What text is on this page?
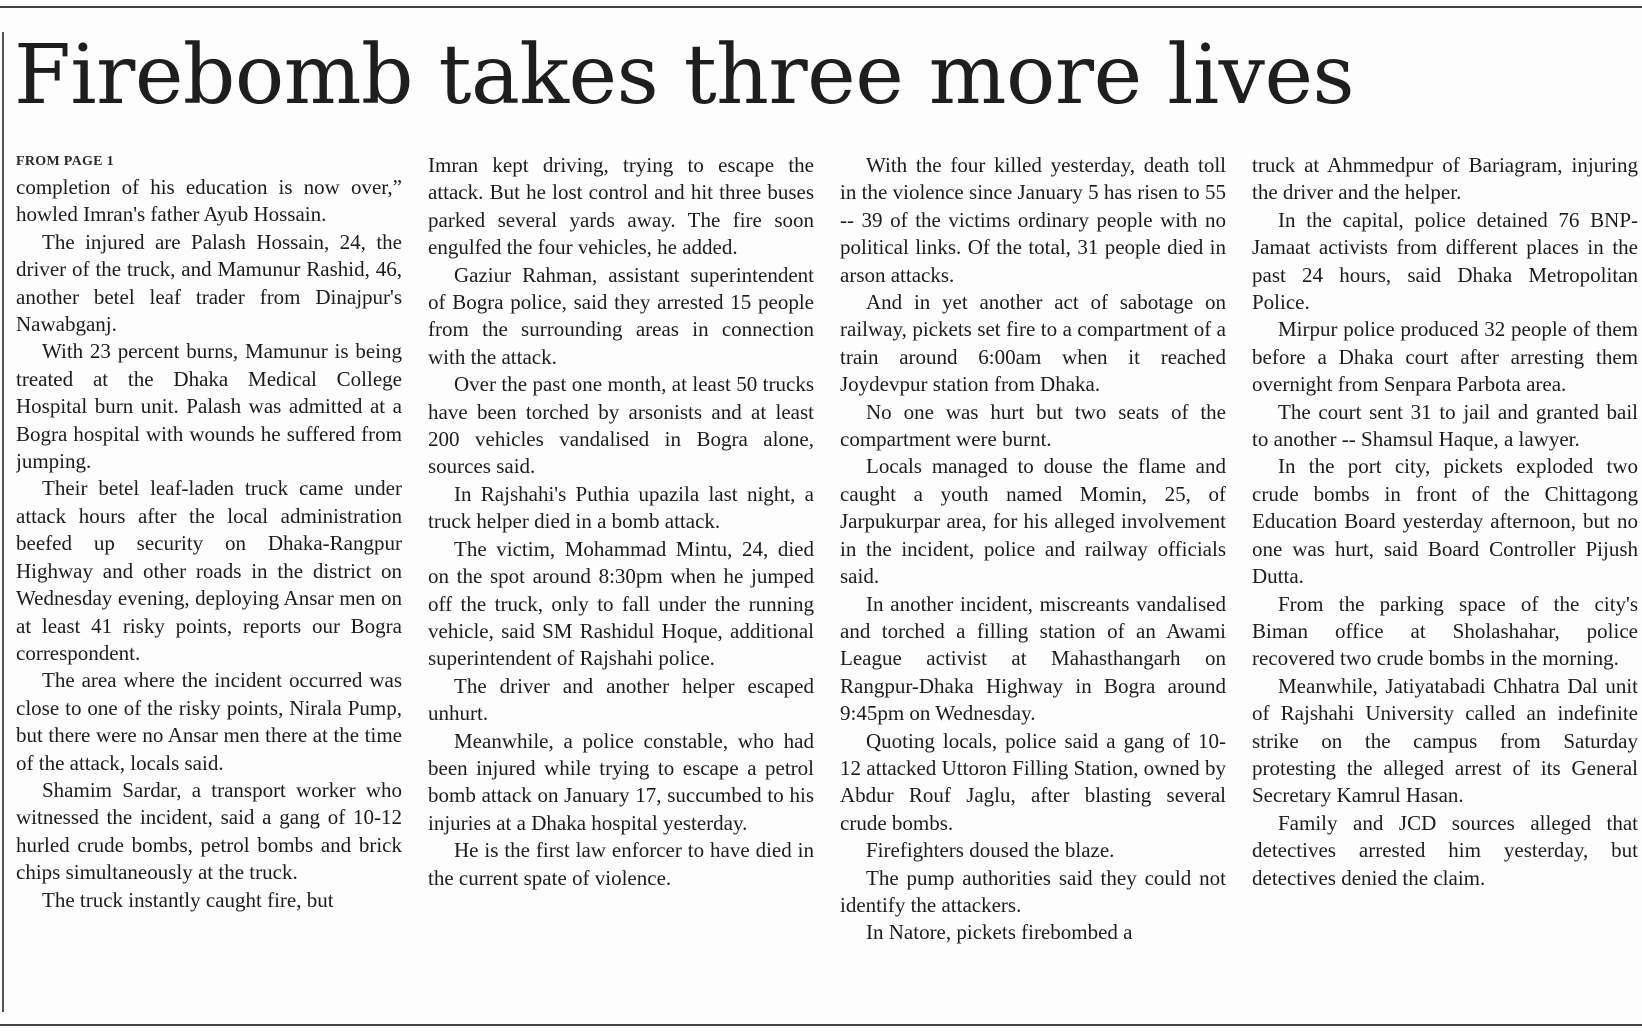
Firebomb takes three more lives
FROM PAGE 1

completion of his education is now over,” howled Imran's father Ayub Hossain.

The injured are Palash Hossain, 24, the driver of the truck, and Mamunur Rashid, 46, another betel leaf trader from Dinajpur's Nawabganj.

With 23 percent burns, Mamunur is being treated at the Dhaka Medical College Hospital burn unit. Palash was admitted at a Bogra hospital with wounds he suffered from jumping.

Their betel leaf-laden truck came under attack hours after the local administration beefed up security on Dhaka-Rangpur Highway and other roads in the district on Wednesday evening, deploying Ansar men on at least 41 risky points, reports our Bogra correspondent.

The area where the incident occurred was close to one of the risky points, Nirala Pump, but there were no Ansar men there at the time of the attack, locals said.

Shamim Sardar, a transport worker who witnessed the incident, said a gang of 10-12 hurled crude bombs, petrol bombs and brick chips simultaneously at the truck.

The truck instantly caught fire, but

Imran kept driving, trying to escape the attack. But he lost control and hit three buses parked several yards away. The fire soon engulfed the four vehicles, he added.

Gaziur Rahman, assistant superintendent of Bogra police, said they arrested 15 people from the surrounding areas in connection with the attack.

Over the past one month, at least 50 trucks have been torched by arsonists and at least 200 vehicles vandalised in Bogra alone, sources said.

In Rajshahi's Puthia upazila last night, a truck helper died in a bomb attack.

The victim, Mohammad Mintu, 24, died on the spot around 8:30pm when he jumped off the truck, only to fall under the running vehicle, said SM Rashidul Hoque, additional superintendent of Rajshahi police.

The driver and another helper escaped unhurt.

Meanwhile, a police constable, who had been injured while trying to escape a petrol bomb attack on January 17, succumbed to his injuries at a Dhaka hospital yesterday.

He is the first law enforcer to have died in the current spate of violence.

With the four killed yesterday, death toll in the violence since January 5 has risen to 55 -- 39 of the victims ordinary people with no political links. Of the total, 31 people died in arson attacks.

And in yet another act of sabotage on railway, pickets set fire to a compartment of a train around 6:00am when it reached Joydevpur station from Dhaka.

No one was hurt but two seats of the compartment were burnt.

Locals managed to douse the flame and caught a youth named Momin, 25, of Jarpukurpar area, for his alleged involvement in the incident, police and railway officials said.

In another incident, miscreants vandalised and torched a filling station of an Awami League activist at Mahasthangarh on Rangpur-Dhaka Highway in Bogra around 9:45pm on Wednesday.

Quoting locals, police said a gang of 10-12 attacked Uttoron Filling Station, owned by Abdur Rouf Jaglu, after blasting several crude bombs.

Firefighters doused the blaze.

The pump authorities said they could not identify the attackers.

In Natore, pickets firebombed a

truck at Ahmmedpur of Bariagram, injuring the driver and the helper.

In the capital, police detained 76 BNP-Jamaat activists from different places in the past 24 hours, said Dhaka Metropolitan Police.

Mirpur police produced 32 people of them before a Dhaka court after arresting them overnight from Senpara Parbota area.

The court sent 31 to jail and granted bail to another -- Shamsul Haque, a lawyer.

In the port city, pickets exploded two crude bombs in front of the Chittagong Education Board yesterday afternoon, but no one was hurt, said Board Controller Pijush Dutta.

From the parking space of the city's Biman office at Sholashahar, police recovered two crude bombs in the morning.

Meanwhile, Jatiyatabadi Chhatra Dal unit of Rajshahi University called an indefinite strike on the campus from Saturday protesting the alleged arrest of its General Secretary Kamrul Hasan.

Family and JCD sources alleged that detectives arrested him yesterday, but detectives denied the claim.
